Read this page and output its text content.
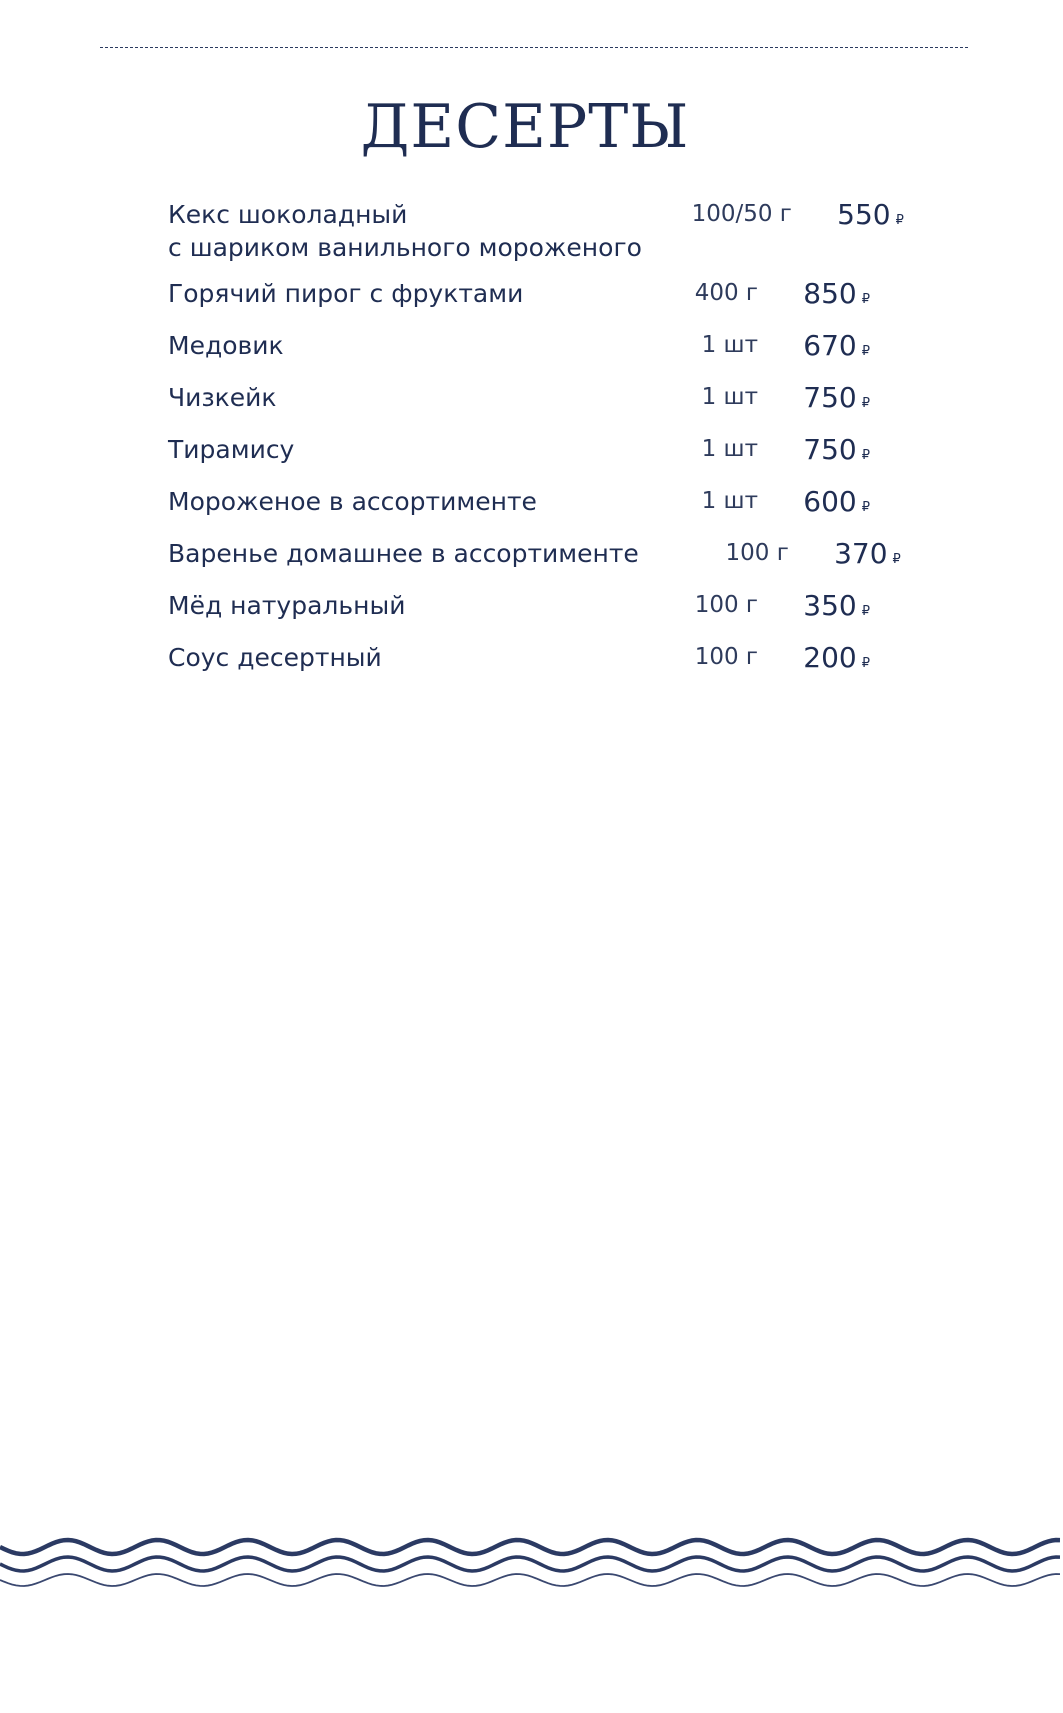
ДЕСЕРТЫ
Кекс шоколадный
с шариком ванильного мороженого
100/50 г	550 ₽
Горячий пирог с фруктами	400 г	850 ₽
Медовик	1 шт	670 ₽
Чизкейк	1 шт	750 ₽
Тирамису	1 шт	750 ₽
Мороженое в ассортименте	1 шт	600 ₽
Варенье домашнее в ассортименте	100 г	370 ₽
Мёд натуральный	100 г	350 ₽
Соус десертный	100 г	200 ₽
